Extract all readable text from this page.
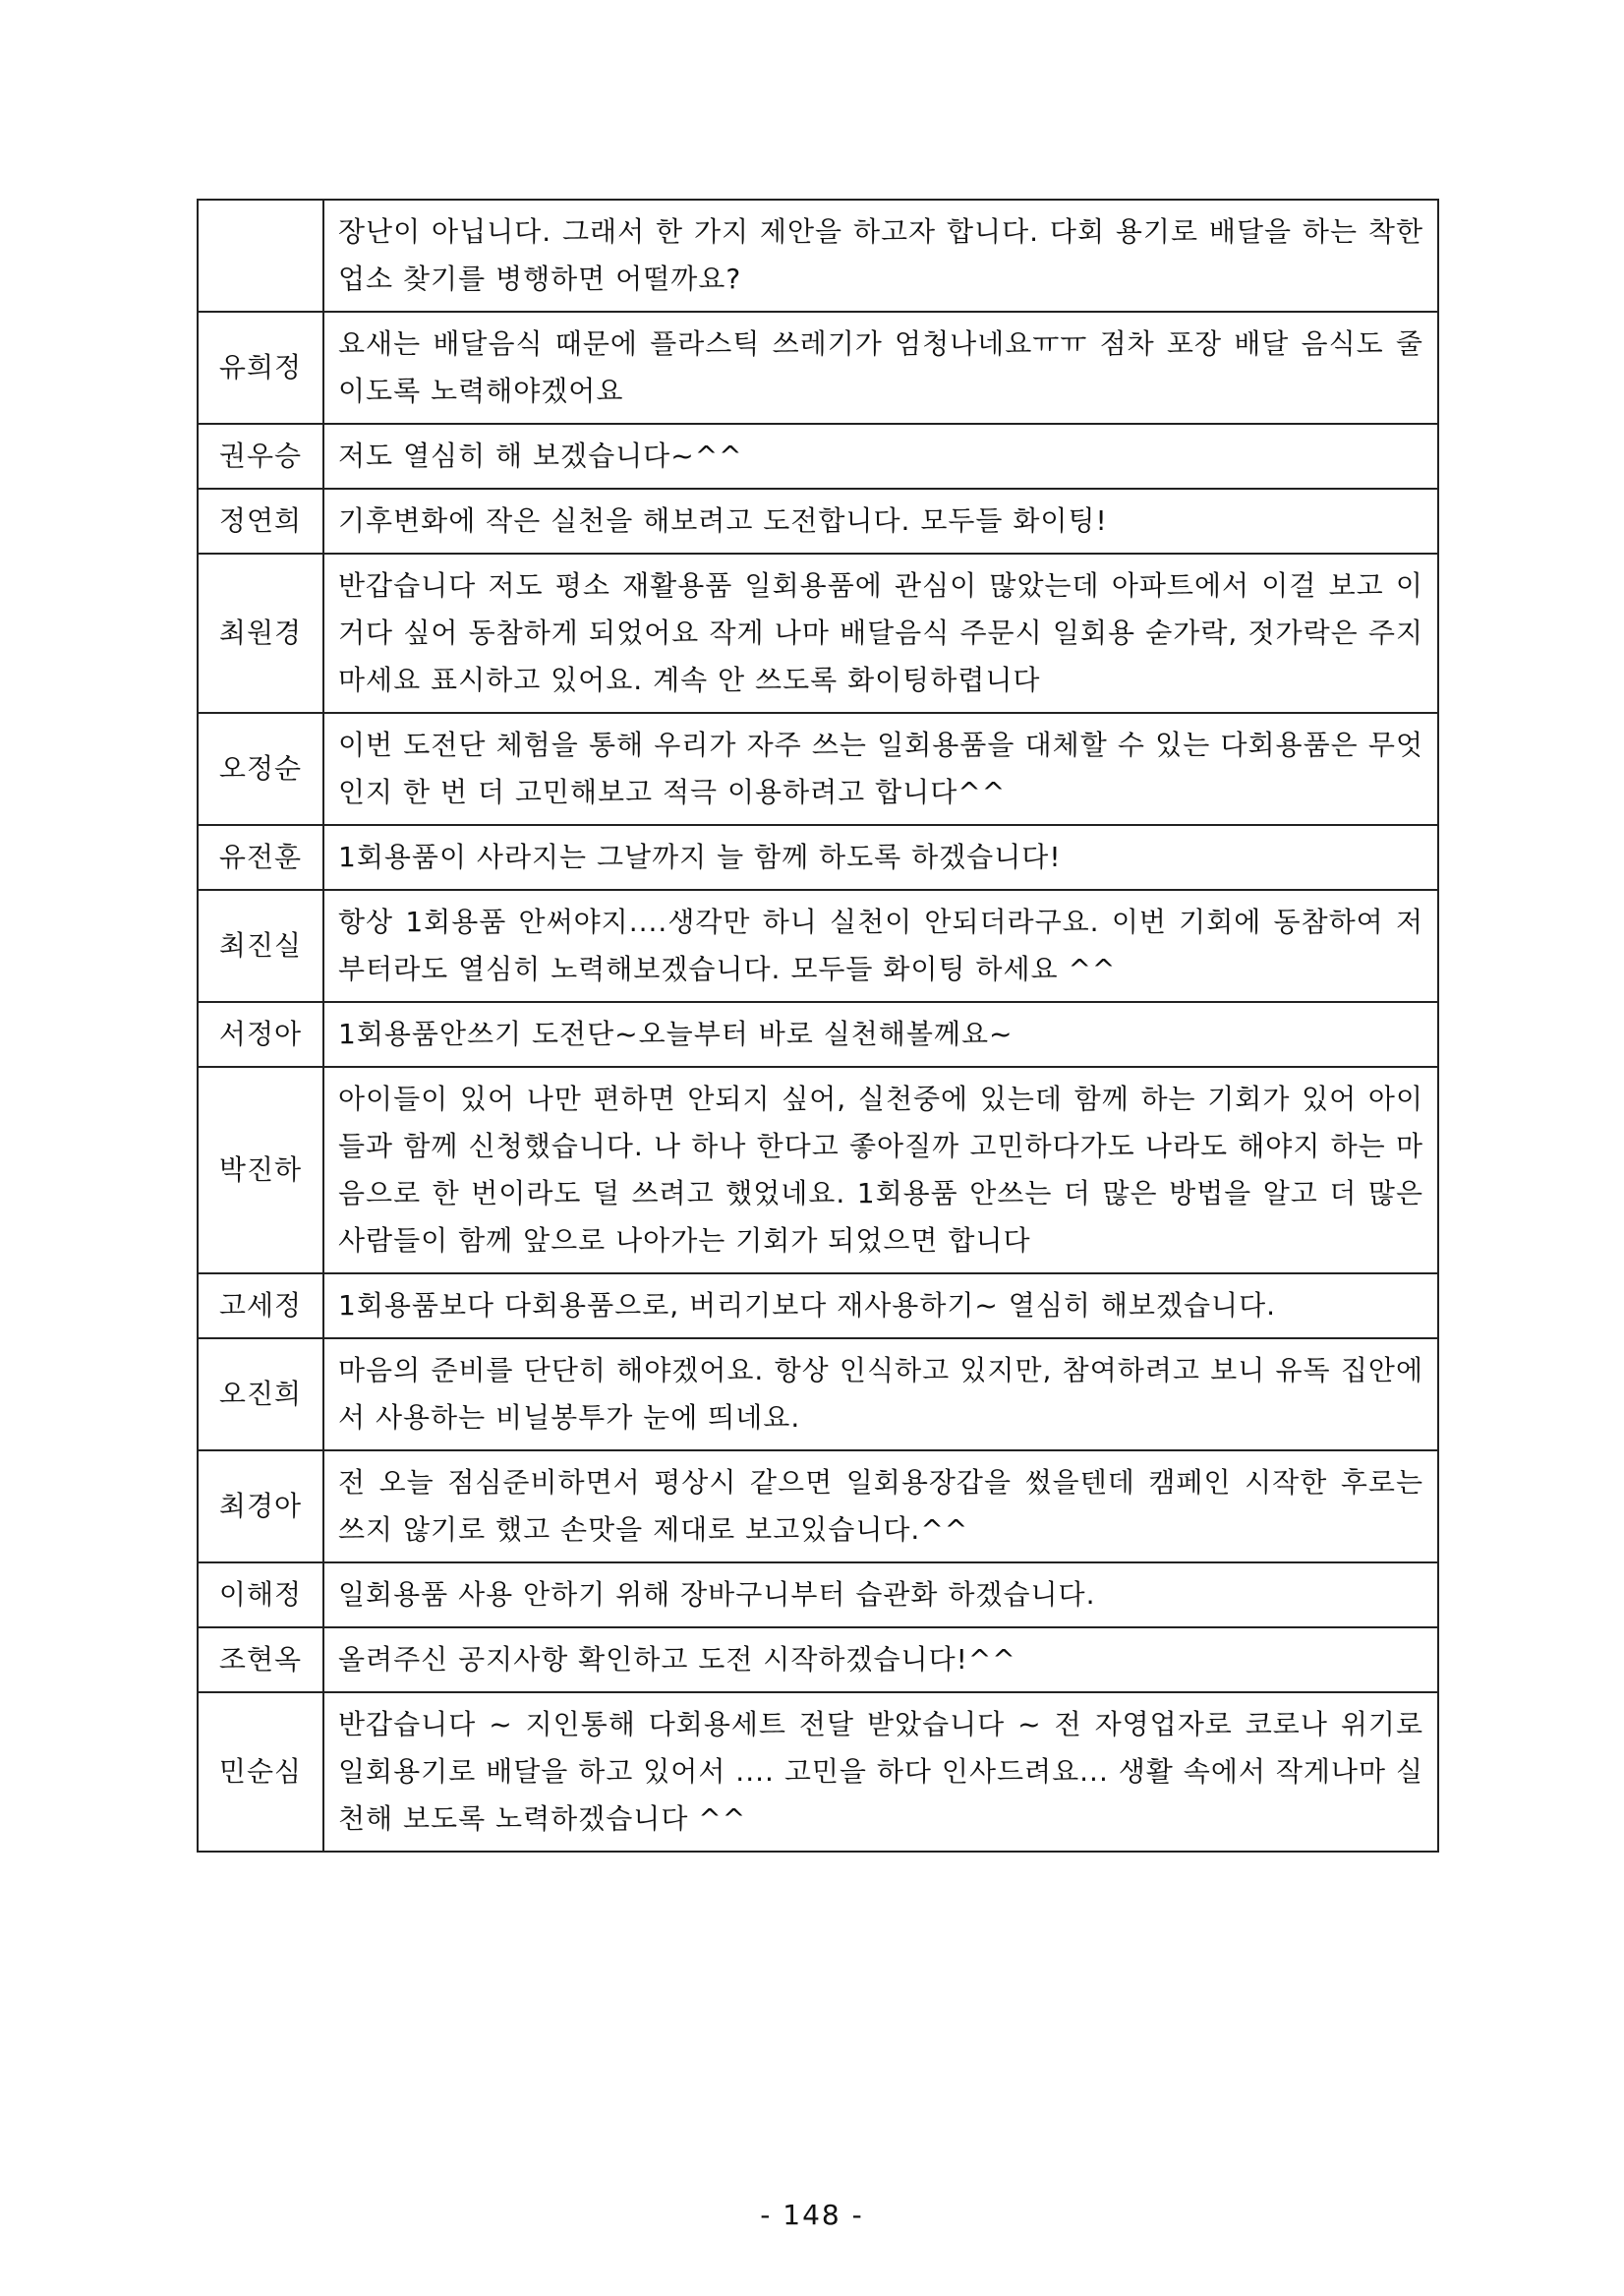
	장난이 아닙니다. 그래서 한 가지 제안을 하고자 합니다. 다회 용기로 배달을 하는 착한 업소 찾기를 병행하면 어떨까요?
유희정	요새는 배달음식 때문에 플라스틱 쓰레기가 엄청나네요ㅠㅠ 점차 포장 배달 음식도 줄이도록 노력해야겠어요
권우승	저도 열심히 해 보겠습니다~^^
정연희	기후변화에 작은 실천을 해보려고 도전합니다. 모두들 화이팅!
최원경	반갑습니다 저도 평소 재활용품 일회용품에 관심이 많았는데 아파트에서 이걸 보고 이거다 싶어 동참하게 되었어요 작게 나마 배달음식 주문시 일회용 숟가락, 젓가락은 주지마세요 표시하고 있어요. 계속 안 쓰도록 화이팅하렵니다
오정순	이번 도전단 체험을 통해 우리가 자주 쓰는 일회용품을 대체할 수 있는 다회용품은 무엇인지 한 번 더 고민해보고 적극 이용하려고 합니다^^
유전훈	1회용품이 사라지는 그날까지 늘 함께 하도록 하겠습니다!
최진실	항상 1회용품 안써야지....생각만 하니 실천이 안되더라구요. 이번 기회에 동참하여 저부터라도 열심히 노력해보겠습니다. 모두들 화이팅 하세요 ^^
서정아	1회용품안쓰기 도전단~오늘부터 바로 실천해볼께요~
박진하	아이들이 있어 나만 편하면 안되지 싶어, 실천중에 있는데 함께 하는 기회가 있어 아이들과 함께 신청했습니다. 나 하나 한다고 좋아질까 고민하다가도 나라도 해야지 하는 마음으로 한 번이라도 덜 쓰려고 했었네요. 1회용품 안쓰는 더 많은 방법을 알고 더 많은 사람들이 함께 앞으로 나아가는 기회가 되었으면 합니다
고세정	1회용품보다 다회용품으로, 버리기보다 재사용하기~ 열심히 해보겠습니다.
오진희	마음의 준비를 단단히 해야겠어요. 항상 인식하고 있지만, 참여하려고 보니 유독 집안에서 사용하는 비닐봉투가 눈에 띄네요.
최경아	전 오늘 점심준비하면서 평상시 같으면 일회용장갑을 썼을텐데 캠페인 시작한 후로는 쓰지 않기로 했고 손맛을 제대로 보고있습니다.^^
이해정	일회용품 사용 안하기 위해 장바구니부터 습관화 하겠습니다.
조현옥	올려주신 공지사항 확인하고 도전 시작하겠습니다!^^
민순심	반갑습니다 ~ 지인통해 다회용세트 전달 받았습니다 ~ 전 자영업자로 코로나 위기로 일회용기로 배달을 하고 있어서 .... 고민을 하다 인사드려요... 생활 속에서 작게나마 실천해 보도록 노력하겠습니다 ^^
- 148 -
